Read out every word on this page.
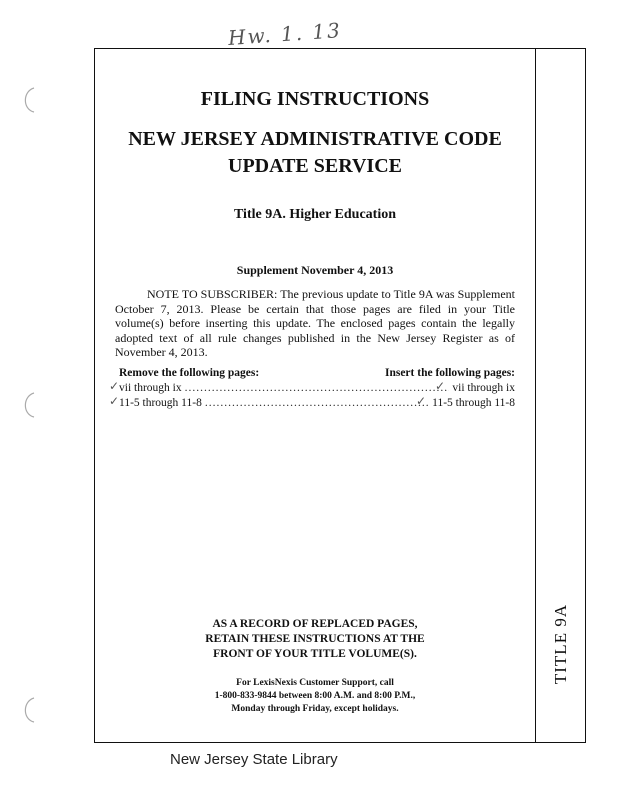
Hw. 1. 13
FILING INSTRUCTIONS
NEW JERSEY ADMINISTRATIVE CODE
UPDATE SERVICE
Title 9A. Higher Education
Supplement November 4, 2013
NOTE TO SUBSCRIBER: The previous update to Title 9A was Supplement October 7, 2013. Please be certain that those pages are filed in your Title volume(s) before inserting this update. The enclosed pages contain the legally adopted text of all rule changes published in the New Jersey Register as of November 4, 2013.
Remove the following pages:	Insert the following pages:
✓ vii through ix .....	vii through ix
✓
✓ 11-5 through 11-8 .....	11-5 through 11-8
✓
AS A RECORD OF REPLACED PAGES,
RETAIN THESE INSTRUCTIONS AT THE
FRONT OF YOUR TITLE VOLUME(S).
For LexisNexis Customer Support, call
1-800-833-9844 between 8:00 A.M. and 8:00 P.M.,
Monday through Friday, except holidays.
TITLE 9A
New Jersey State Library
